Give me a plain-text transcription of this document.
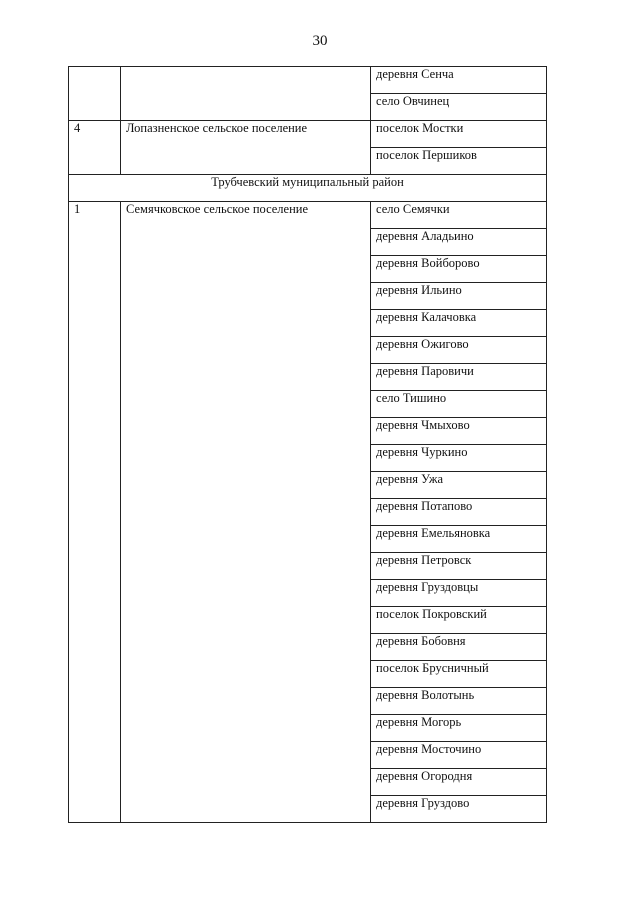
30
		деревня Сенча
		село Овчинец
4	Лопазненское сельское поселение	поселок Мостки
		поселок Першиков
Трубчевский муниципальный район		
1	Семячковское сельское поселение	село Семячки
		деревня Аладьино
		деревня Войборово
		деревня Ильино
		деревня Калачовка
		деревня Ожигово
		деревня Паровичи
		село Тишино
		деревня Чмыхово
		деревня Чуркино
		деревня Ужа
		деревня Потапово
		деревня Емельяновка
		деревня Петровск
		деревня Груздовцы
		поселок Покровский
		деревня Бобовня
		поселок Брусничный
		деревня Волотынь
		деревня Могорь
		деревня Мосточино
		деревня Огородня
		деревня Груздово
